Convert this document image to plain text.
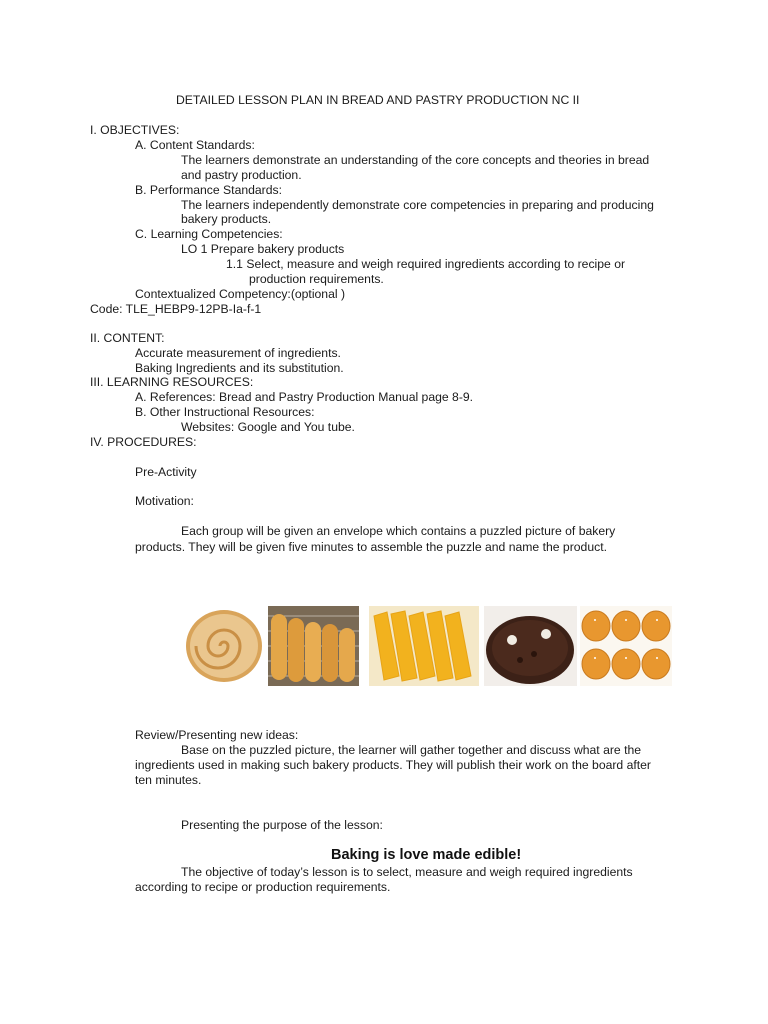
DETAILED LESSON PLAN IN BREAD AND PASTRY PRODUCTION NC II
I. OBJECTIVES:
A. Content Standards:
The learners demonstrate an understanding of the core concepts and theories in bread
and pastry production.
B. Performance Standards:
The learners independently demonstrate core competencies in preparing and producing
bakery products.
C. Learning Competencies:
LO 1 Prepare bakery products
1.1 Select, measure and weigh required ingredients according to recipe or
production requirements.
Contextualized Competency:(optional )
Code: TLE_HEBP9-12PB-Ia-f-1
II. CONTENT:
Accurate measurement of ingredients.
Baking Ingredients and its substitution.
III. LEARNING RESOURCES:
A. References: Bread and Pastry Production Manual page 8-9.
B. Other Instructional Resources:
Websites: Google and You tube.
IV. PROCEDURES:
Pre-Activity
Motivation:
Each group will be given an envelope which contains a puzzled picture of bakery
products. They will be given five minutes to assemble the puzzle and name the product.
Review/Presenting new ideas:
Base on the puzzled picture, the learner will gather together and discuss what are the
ingredients used in making such bakery products. They will publish their work on the board after
ten minutes.
Presenting the purpose of the lesson:
Baking is love made edible!
The objective of today’s lesson is to select, measure and weigh required ingredients
according to recipe or production requirements.
